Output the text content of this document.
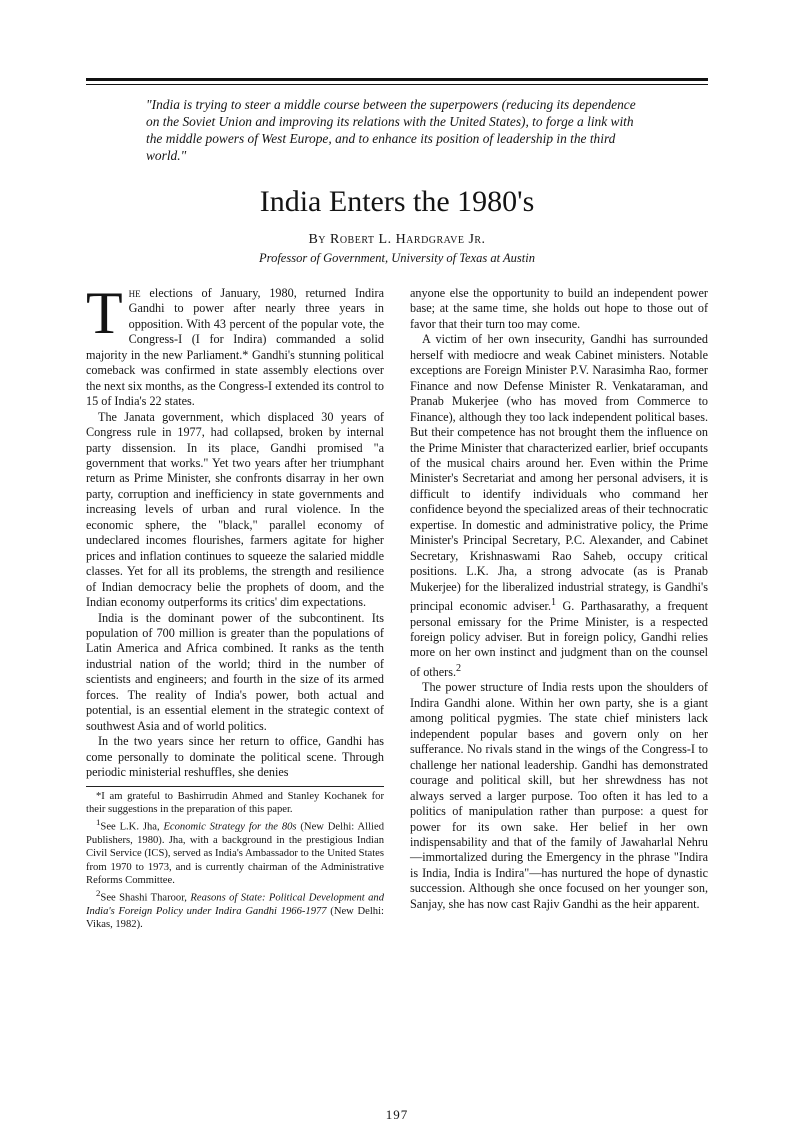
"India is trying to steer a middle course between the superpowers (reducing its dependence on the Soviet Union and improving its relations with the United States), to forge a link with the middle powers of West Europe, and to enhance its position of leadership in the third world."

India Enters the 1980's

By Robert L. Hardgrave Jr.

Professor of Government, University of Texas at Austin

The elections of January, 1980, returned Indira Gandhi to power after nearly three years in opposition. With 43 percent of the popular vote, the Congress-I (I for Indira) commanded a solid majority in the new Parliament.* Gandhi's stunning political comeback was confirmed in state assembly elections over the next six months, as the Congress-I extended its control to 15 of India's 22 states.

The Janata government, which displaced 30 years of Congress rule in 1977, had collapsed, broken by internal party dissension. In its place, Gandhi promised "a government that works." Yet two years after her triumphant return as Prime Minister, she confronts disarray in her own party, corruption and inefficiency in state governments and increasing levels of urban and rural violence. In the economic sphere, the "black," parallel economy of undeclared incomes flourishes, farmers agitate for higher prices and inflation continues to squeeze the salaried middle classes. Yet for all its problems, the strength and resilience of Indian democracy belie the prophets of doom, and the Indian economy outperforms its critics' dim expectations.

India is the dominant power of the subcontinent. Its population of 700 million is greater than the populations of Latin America and Africa combined. It ranks as the tenth industrial nation of the world; third in the number of scientists and engineers; and fourth in the size of its armed forces. The reality of India's power, both actual and potential, is an essential element in the strategic context of southwest Asia and of world politics.

In the two years since her return to office, Gandhi has come personally to dominate the political scene. Through periodic ministerial reshuffles, she denies

*I am grateful to Bashirrudin Ahmed and Stanley Kochanek for their suggestions in the preparation of this paper.

$^1$See L.K. Jha, Economic Strategy for the 80s (New Delhi: Allied Publishers, 1980). Jha, with a background in the prestigious Indian Civil Service (ICS), served as India's Ambassador to the United States from 1970 to 1973, and is currently chairman of the Administrative Reforms Committee.

$^2$See Shashi Tharoor, Reasons of State: Political Development and India's Foreign Policy under Indira Gandhi 1966-1977 (New Delhi: Vikas, 1982).

anyone else the opportunity to build an independent power base; at the same time, she holds out hope to those out of favor that their turn too may come.

A victim of her own insecurity, Gandhi has surrounded herself with mediocre and weak Cabinet ministers. Notable exceptions are Foreign Minister P.V. Narasimha Rao, former Finance and now Defense Minister R. Venkataraman, and Pranab Mukerjee (who has moved from Commerce to Finance), although they too lack independent political bases. But their competence has not brought them the influence on the Prime Minister that characterized earlier, brief occupants of the musical chairs around her. Even within the Prime Minister's Secretariat and among her personal advisers, it is difficult to identify individuals who command her confidence beyond the specialized areas of their technocratic expertise. In domestic and administrative policy, the Prime Minister's Principal Secretary, P.C. Alexander, and Cabinet Secretary, Krishnaswami Rao Saheb, occupy critical positions. L.K. Jha, a strong advocate (as is Pranab Mukerjee) for the liberalized industrial strategy, is Gandhi's principal economic adviser.$^1$ G. Parthasarathy, a frequent personal emissary for the Prime Minister, is a respected foreign policy adviser. But in foreign policy, Gandhi relies more on her own instinct and judgment than on the counsel of others.$^2$

The power structure of India rests upon the shoulders of Indira Gandhi alone. Within her own party, she is a giant among political pygmies. The state chief ministers lack independent popular bases and govern only on her sufferance. No rivals stand in the wings of the Congress-I to challenge her national leadership. Gandhi has demonstrated courage and political skill, but her shrewdness has not always served a larger purpose. Too often it has led to a politics of manipulation rather than purpose: a quest for power for its own sake. Her belief in her own indispensability and that of the family of Jawaharlal Nehru—immortalized during the Emergency in the phrase "Indira is India, India is Indira"—has nurtured the hope of dynastic succession. Although she once focused on her younger son, Sanjay, she has now cast Rajiv Gandhi as the heir apparent.

197
